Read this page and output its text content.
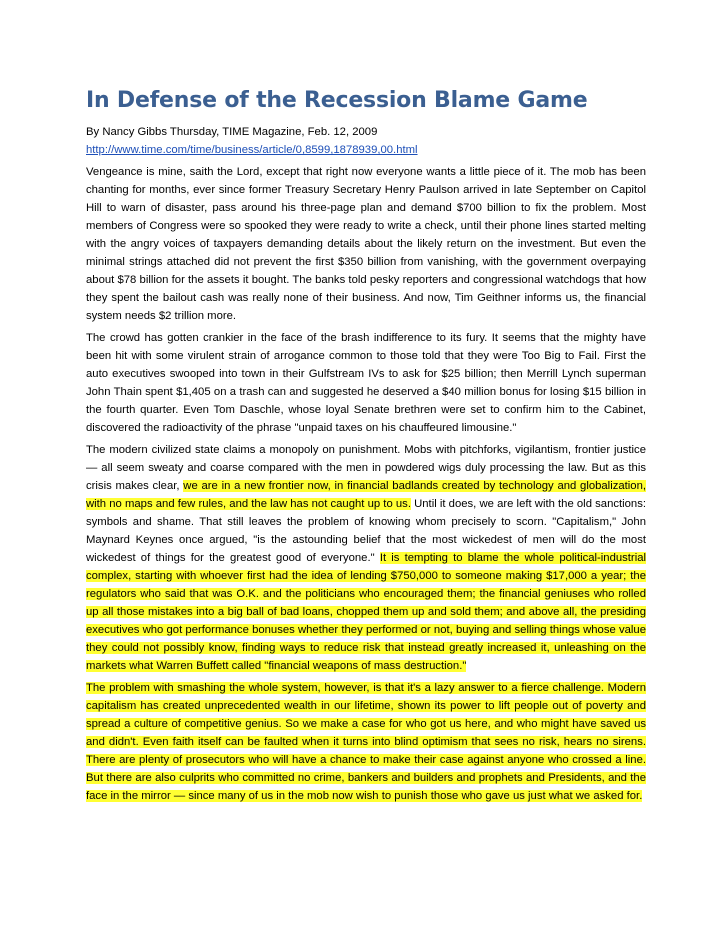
In Defense of the Recession Blame Game
By Nancy Gibbs Thursday, TIME Magazine, Feb. 12, 2009
http://www.time.com/time/business/article/0,8599,1878939,00.html

Vengeance is mine, saith the Lord, except that right now everyone wants a little piece of it. The mob has been chanting for months, ever since former Treasury Secretary Henry Paulson arrived in late September on Capitol Hill to warn of disaster, pass around his three-page plan and demand $700 billion to fix the problem. Most members of Congress were so spooked they were ready to write a check, until their phone lines started melting with the angry voices of taxpayers demanding details about the likely return on the investment. But even the minimal strings attached did not prevent the first $350 billion from vanishing, with the government overpaying about $78 billion for the assets it bought. The banks told pesky reporters and congressional watchdogs that how they spent the bailout cash was really none of their business. And now, Tim Geithner informs us, the financial system needs $2 trillion more.

The crowd has gotten crankier in the face of the brash indifference to its fury. It seems that the mighty have been hit with some virulent strain of arrogance common to those told that they were Too Big to Fail. First the auto executives swooped into town in their Gulfstream IVs to ask for $25 billion; then Merrill Lynch superman John Thain spent $1,405 on a trash can and suggested he deserved a $40 million bonus for losing $15 billion in the fourth quarter. Even Tom Daschle, whose loyal Senate brethren were set to confirm him to the Cabinet, discovered the radioactivity of the phrase "unpaid taxes on his chauffeured limousine."

The modern civilized state claims a monopoly on punishment. Mobs with pitchforks, vigilantism, frontier justice — all seem sweaty and coarse compared with the men in powdered wigs duly processing the law. But as this crisis makes clear, we are in a new frontier now, in financial badlands created by technology and globalization, with no maps and few rules, and the law has not caught up to us. Until it does, we are left with the old sanctions: symbols and shame. That still leaves the problem of knowing whom precisely to scorn. "Capitalism," John Maynard Keynes once argued, "is the astounding belief that the most wickedest of men will do the most wickedest of things for the greatest good of everyone." It is tempting to blame the whole political-industrial complex, starting with whoever first had the idea of lending $750,000 to someone making $17,000 a year; the regulators who said that was O.K. and the politicians who encouraged them; the financial geniuses who rolled up all those mistakes into a big ball of bad loans, chopped them up and sold them; and above all, the presiding executives who got performance bonuses whether they performed or not, buying and selling things whose value they could not possibly know, finding ways to reduce risk that instead greatly increased it, unleashing on the markets what Warren Buffett called "financial weapons of mass destruction."

The problem with smashing the whole system, however, is that it's a lazy answer to a fierce challenge. Modern capitalism has created unprecedented wealth in our lifetime, shown its power to lift people out of poverty and spread a culture of competitive genius. So we make a case for who got us here, and who might have saved us and didn't. Even faith itself can be faulted when it turns into blind optimism that sees no risk, hears no sirens. There are plenty of prosecutors who will have a chance to make their case against anyone who crossed a line. But there are also culprits who committed no crime, bankers and builders and prophets and Presidents, and the face in the mirror — since many of us in the mob now wish to punish those who gave us just what we asked for.
